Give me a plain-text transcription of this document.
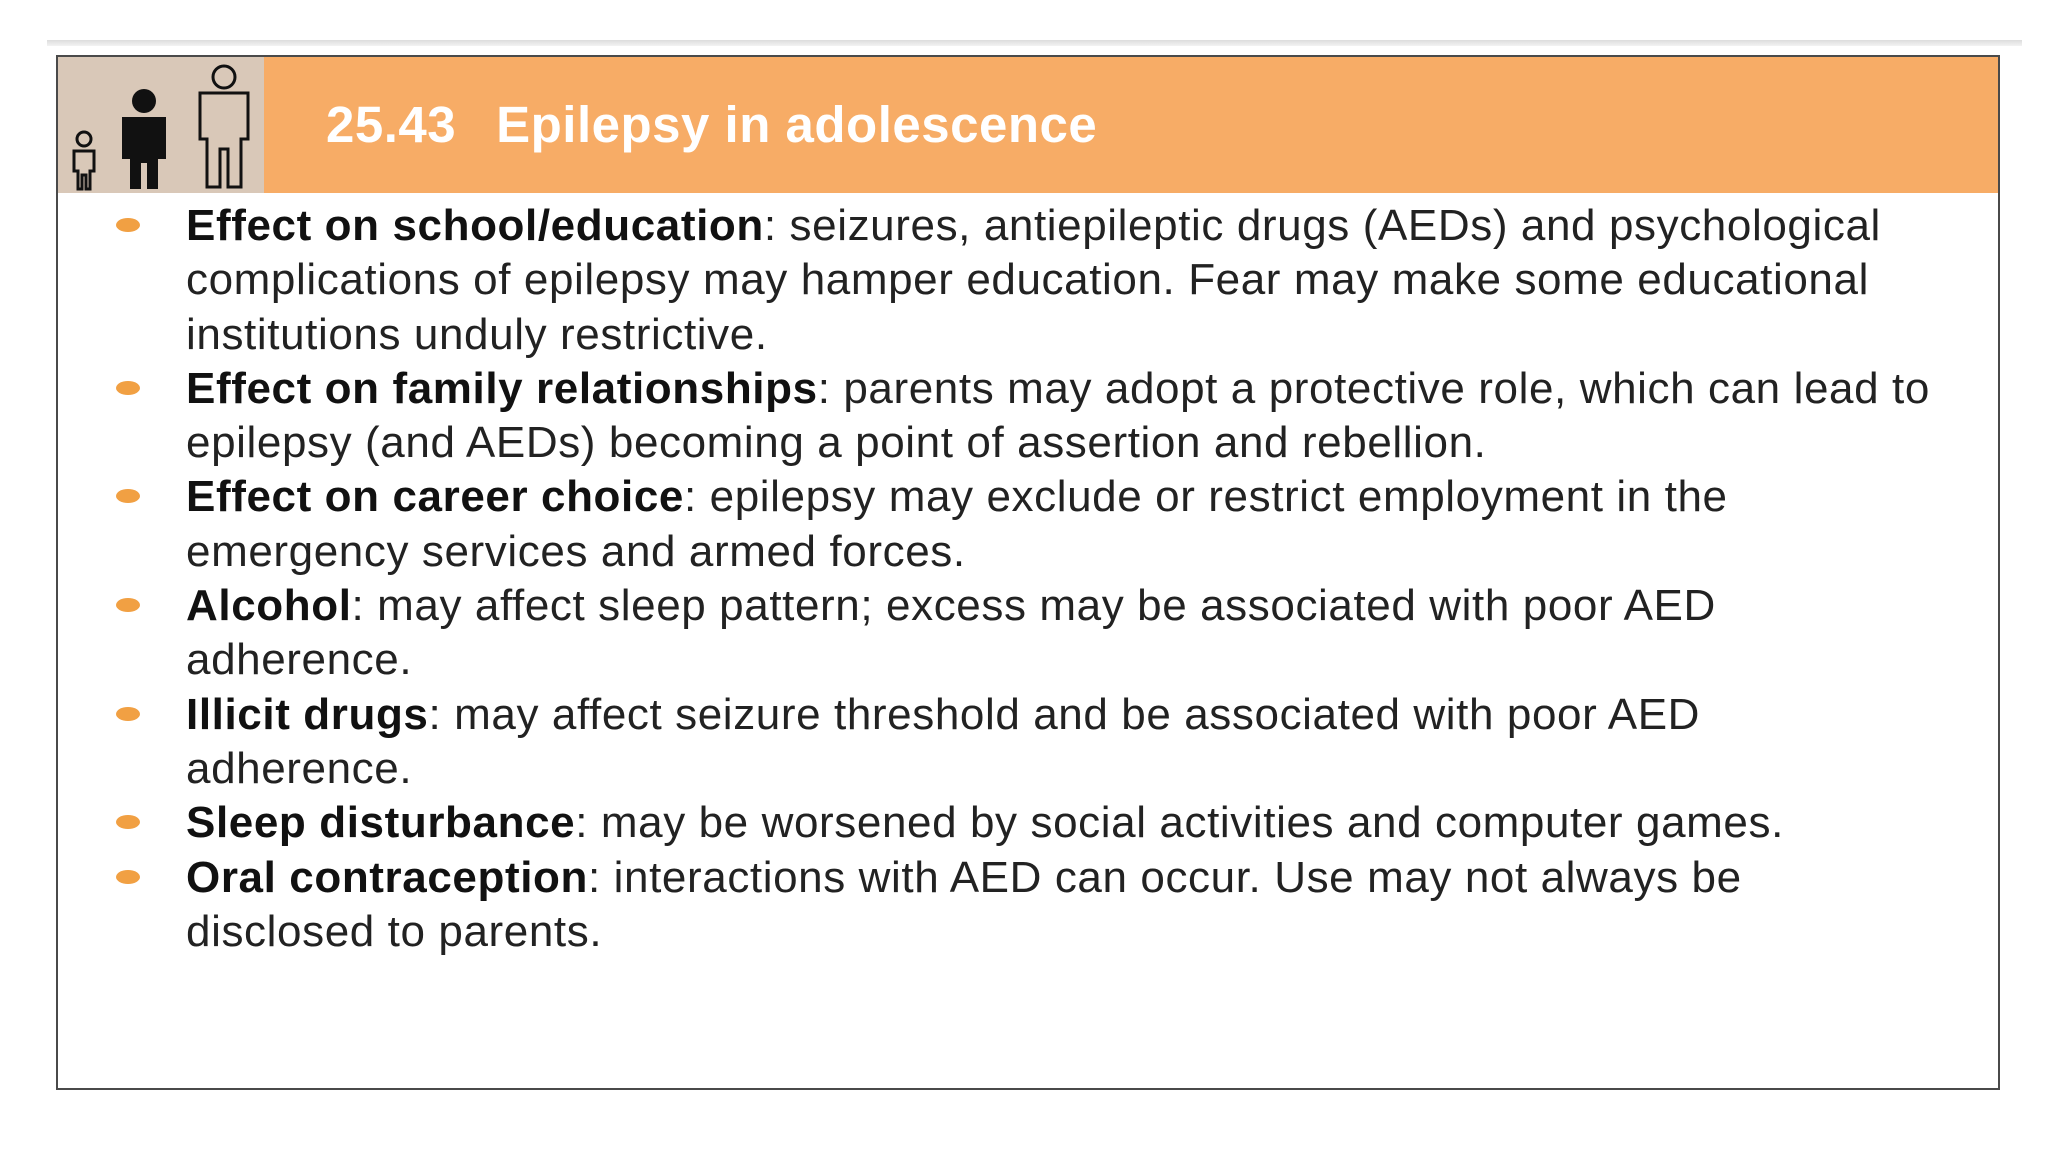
25.43 Epilepsy in adolescence
Effect on school/education: seizures, antiepileptic drugs (AEDs) and psychological complications of epilepsy may hamper education. Fear may make some educational institutions unduly restrictive.
Effect on family relationships: parents may adopt a protective role, which can lead to epilepsy (and AEDs) becoming a point of assertion and rebellion.
Effect on career choice: epilepsy may exclude or restrict employment in the emergency services and armed forces.
Alcohol: may affect sleep pattern; excess may be associated with poor AED adherence.
Illicit drugs: may affect seizure threshold and be associated with poor AED adherence.
Sleep disturbance: may be worsened by social activities and computer games.
Oral contraception: interactions with AED can occur. Use may not always be disclosed to parents.
